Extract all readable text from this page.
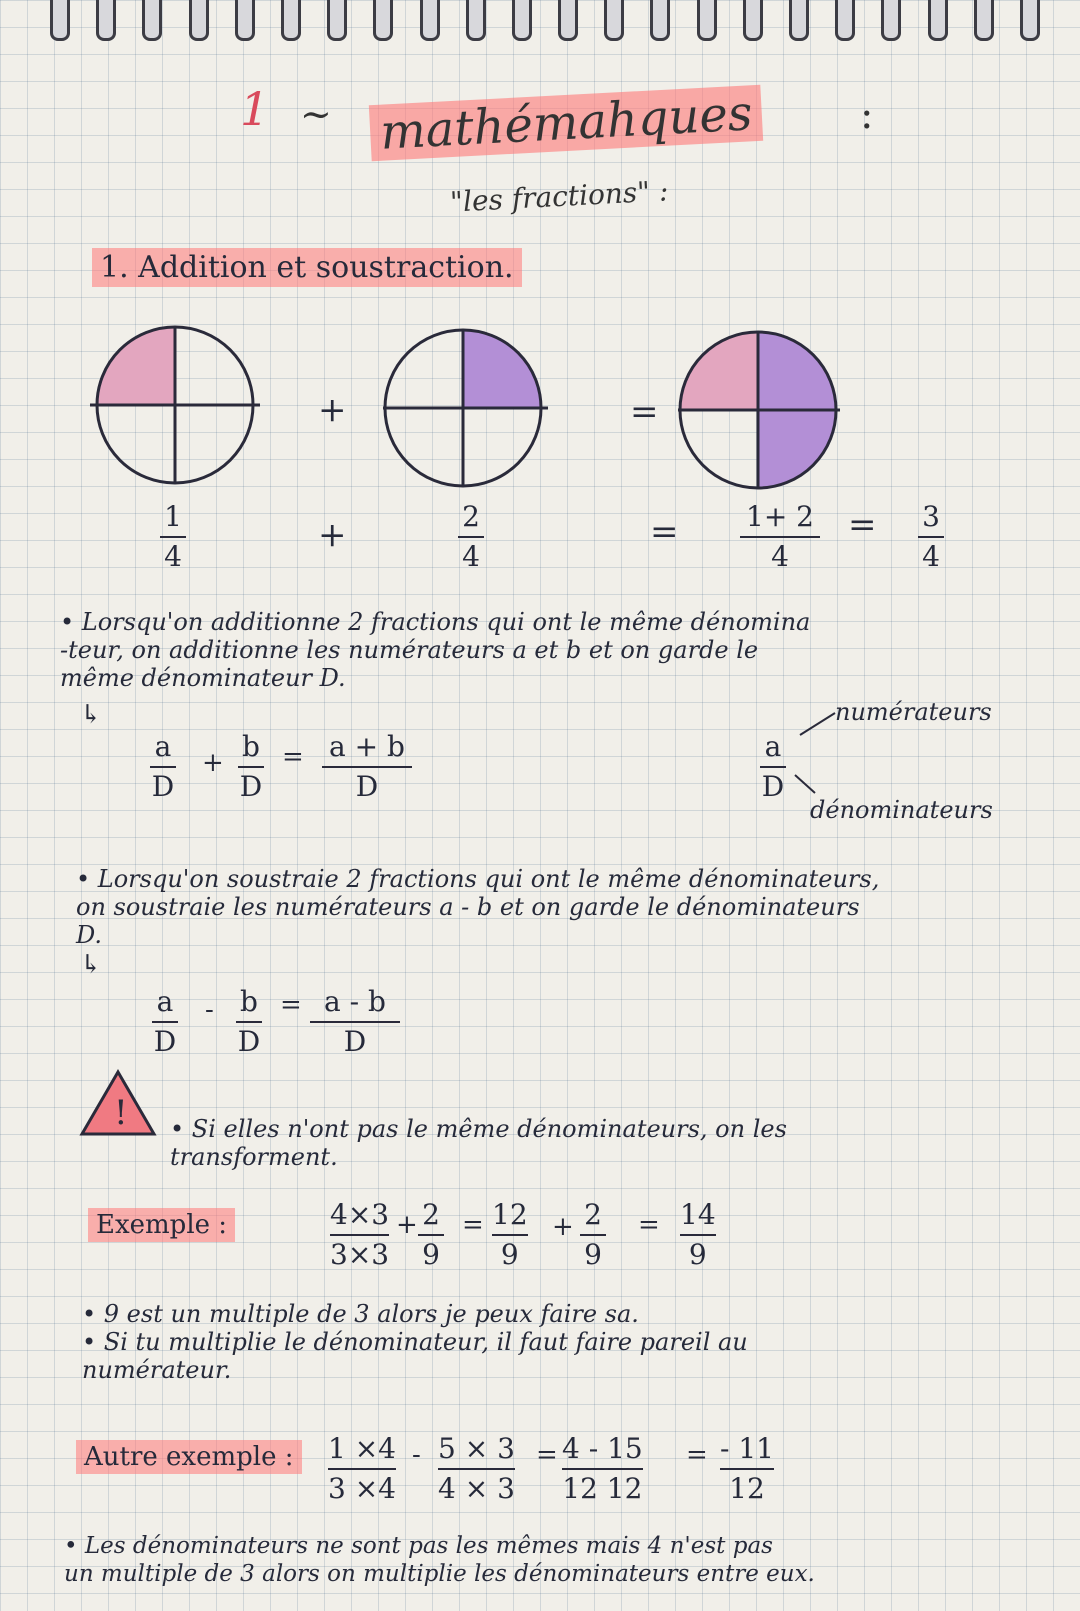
1 ~ mathémahques	:
"les fractions" :
1. Addition et soustraction.
+	=
1
4
+	2
4
= 1+ 2
4
= 3
4
• Lorsqu'on additionne 2 fractions qui ont le même dénomina
-teur, on additionne les numérateurs a et b et on garde le
même dénominateur D.
↳
a
D
+ b
D
= a + b
D
a
D
numérateurs
dénominateurs
• Lorsqu'on soustraie 2 fractions qui ont le même dénominateurs,
on soustraie les numérateurs a - b et on garde le dénominateurs
D.
↳
a
D
- b
D
= a - b
D
! • Si elles n'ont pas le même dénominateurs, on les
transforment.
Exemple :	4×3
3×3
+ 2
9
= 12
9
+ 2
9
= 14
9
• 9 est un multiple de 3 alors je peux faire sa.
• Si tu multiplie le dénominateur, il faut faire pareil au
numérateur.
Autre exemple : 1 ×4
3 ×4
- 5 × 3
4 × 3
= 4 - 15
12 12
= - 11
12
• Les dénominateurs ne sont pas les mêmes mais 4 n'est pas
un multiple de 3 alors on multiplie les dénominateurs entre eux.
